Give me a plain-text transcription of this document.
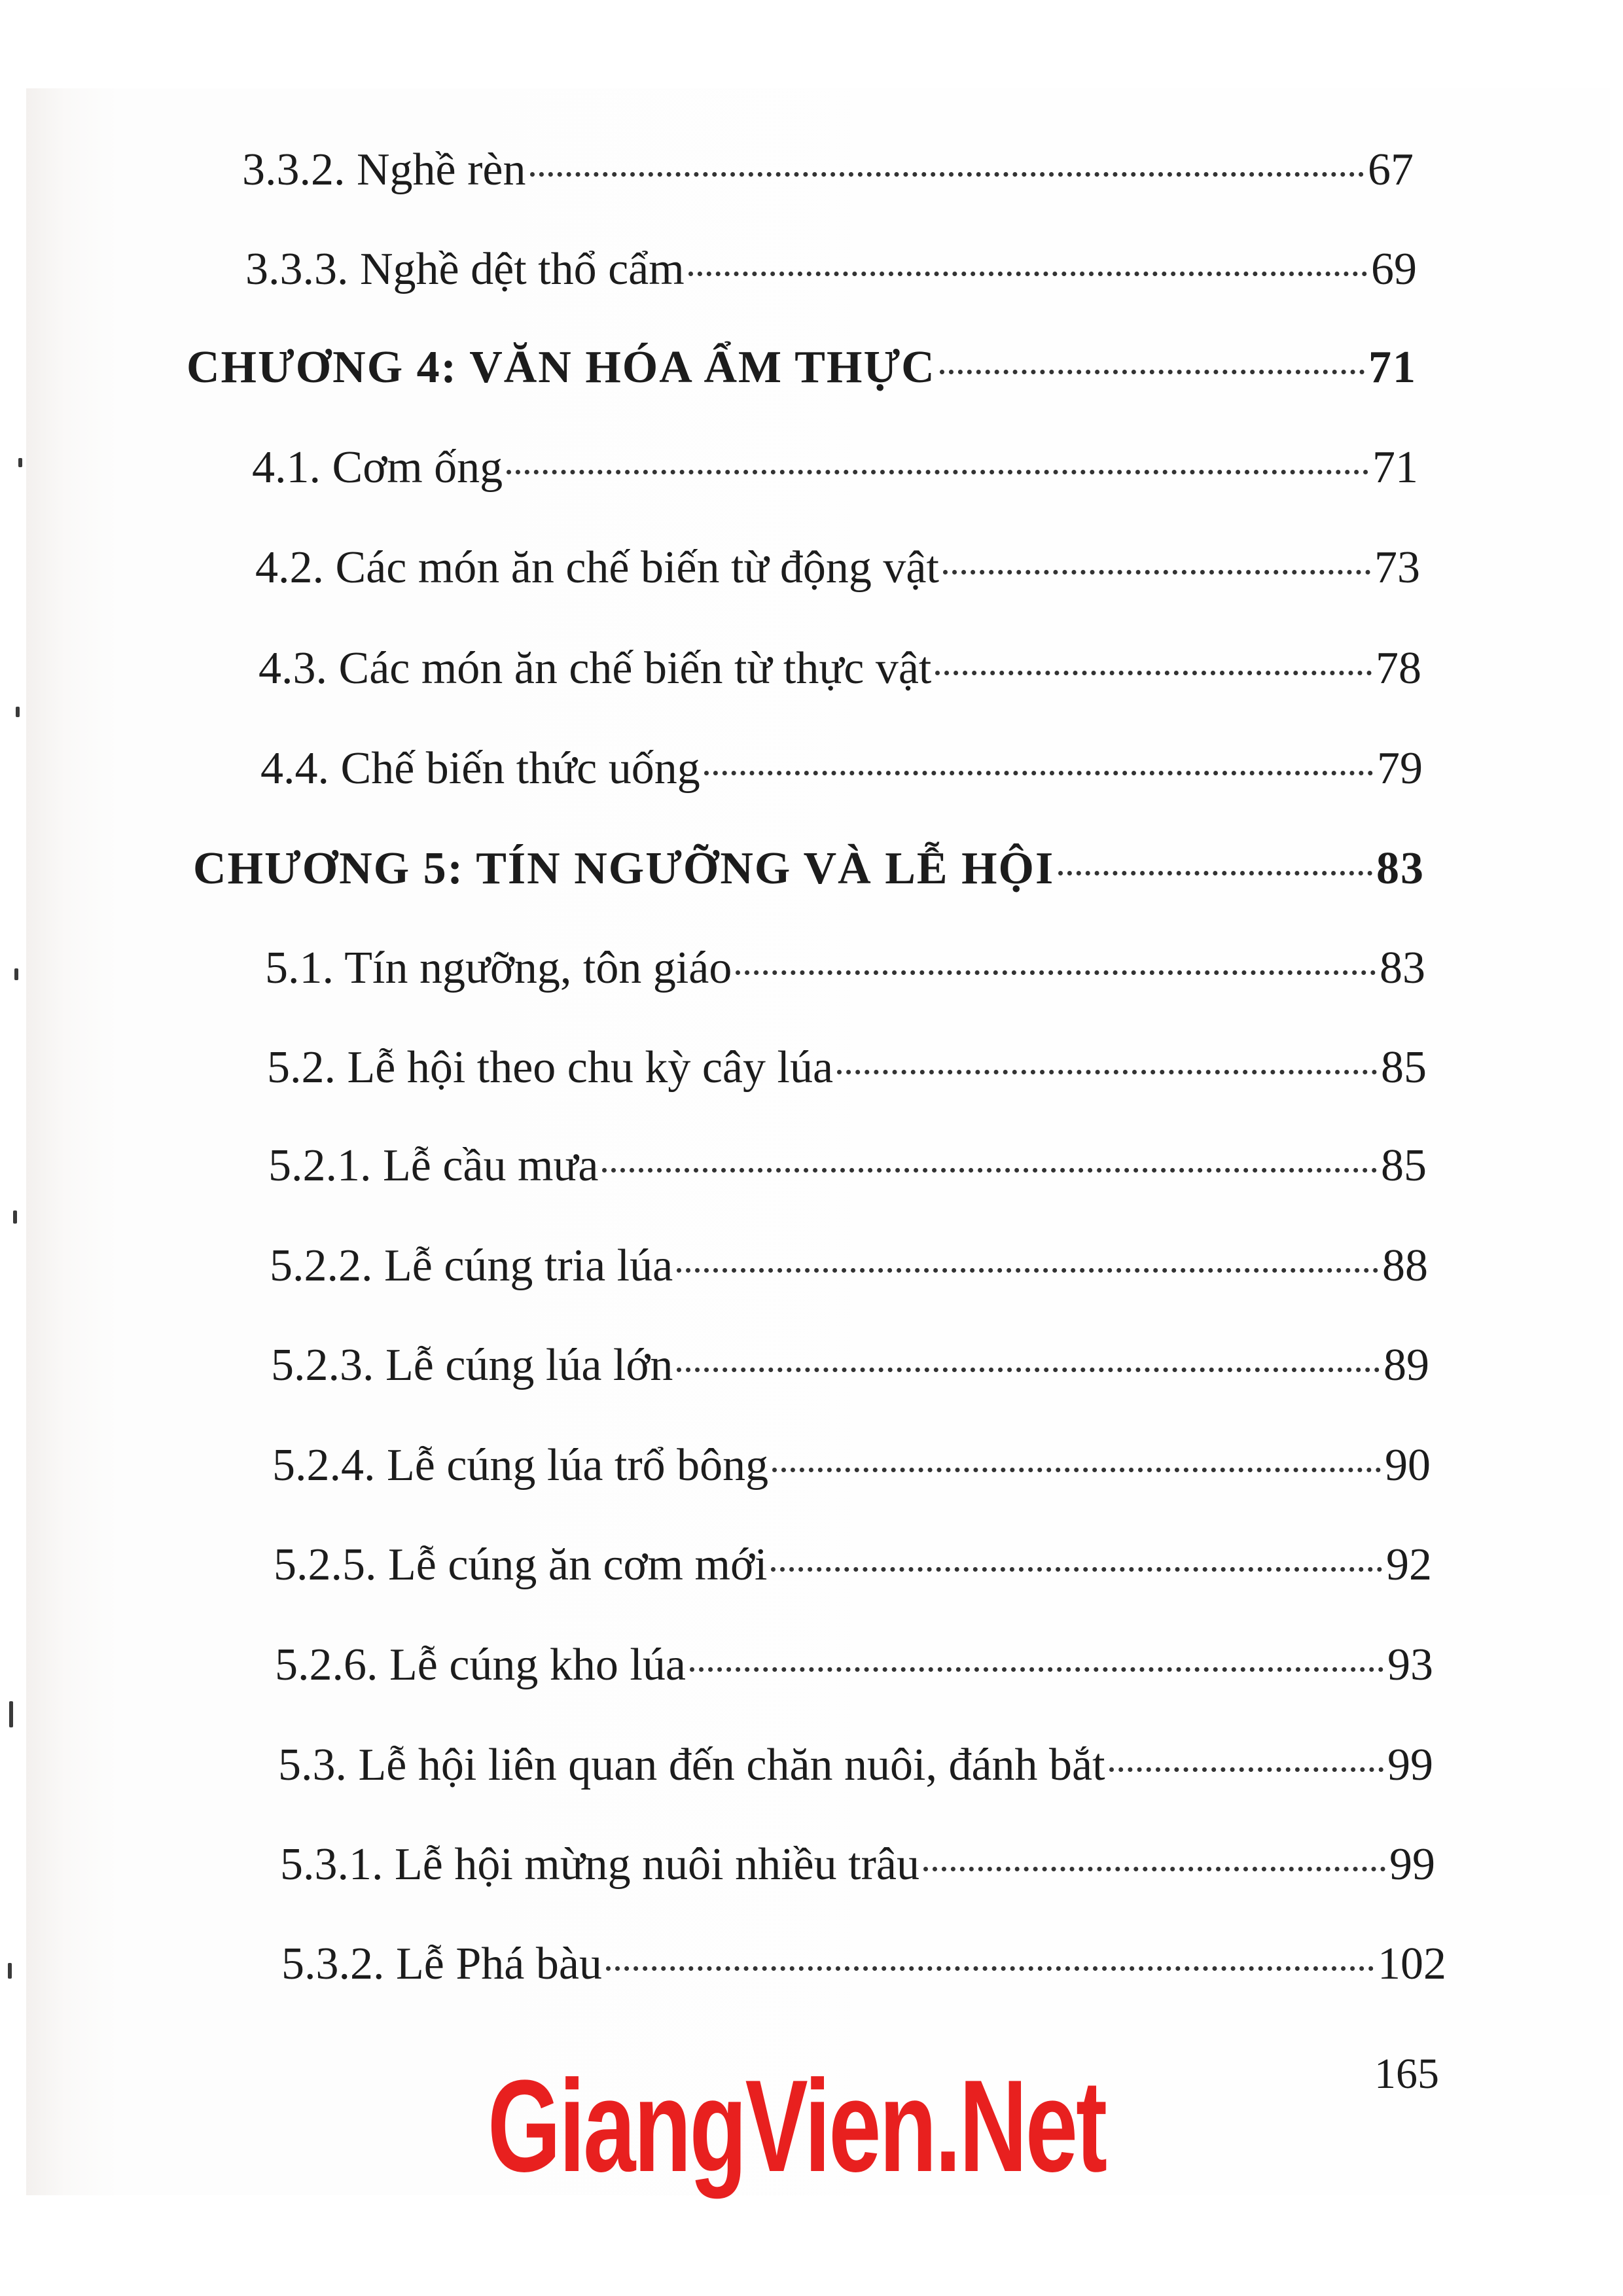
3.3.2. Nghề rèn	67
3.3.3. Nghề dệt thổ cẩm	69
CHƯƠNG 4: VĂN HÓA ẨM THỰC	71
4.1. Cơm ống	71
4.2. Các món ăn chế biến từ động vật	73
4.3. Các món ăn chế biến từ thực vật	78
4.4. Chế biến thức uống	79
CHƯƠNG 5: TÍN NGƯỠNG VÀ LỄ HỘI	83
5.1. Tín ngưỡng, tôn giáo	83
5.2. Lễ hội theo chu kỳ cây lúa	85
5.2.1. Lễ cầu mưa	85
5.2.2. Lễ cúng tria lúa	88
5.2.3. Lễ cúng lúa lớn	89
5.2.4. Lễ cúng lúa trổ bông	90
5.2.5. Lễ cúng ăn cơm mới	92
5.2.6. Lễ cúng kho lúa	93
5.3. Lễ hội liên quan đến chăn nuôi, đánh bắt	99
5.3.1. Lễ hội mừng nuôi nhiều trâu	99
5.3.2. Lễ Phá bàu	102
165
GiangVien.Net
